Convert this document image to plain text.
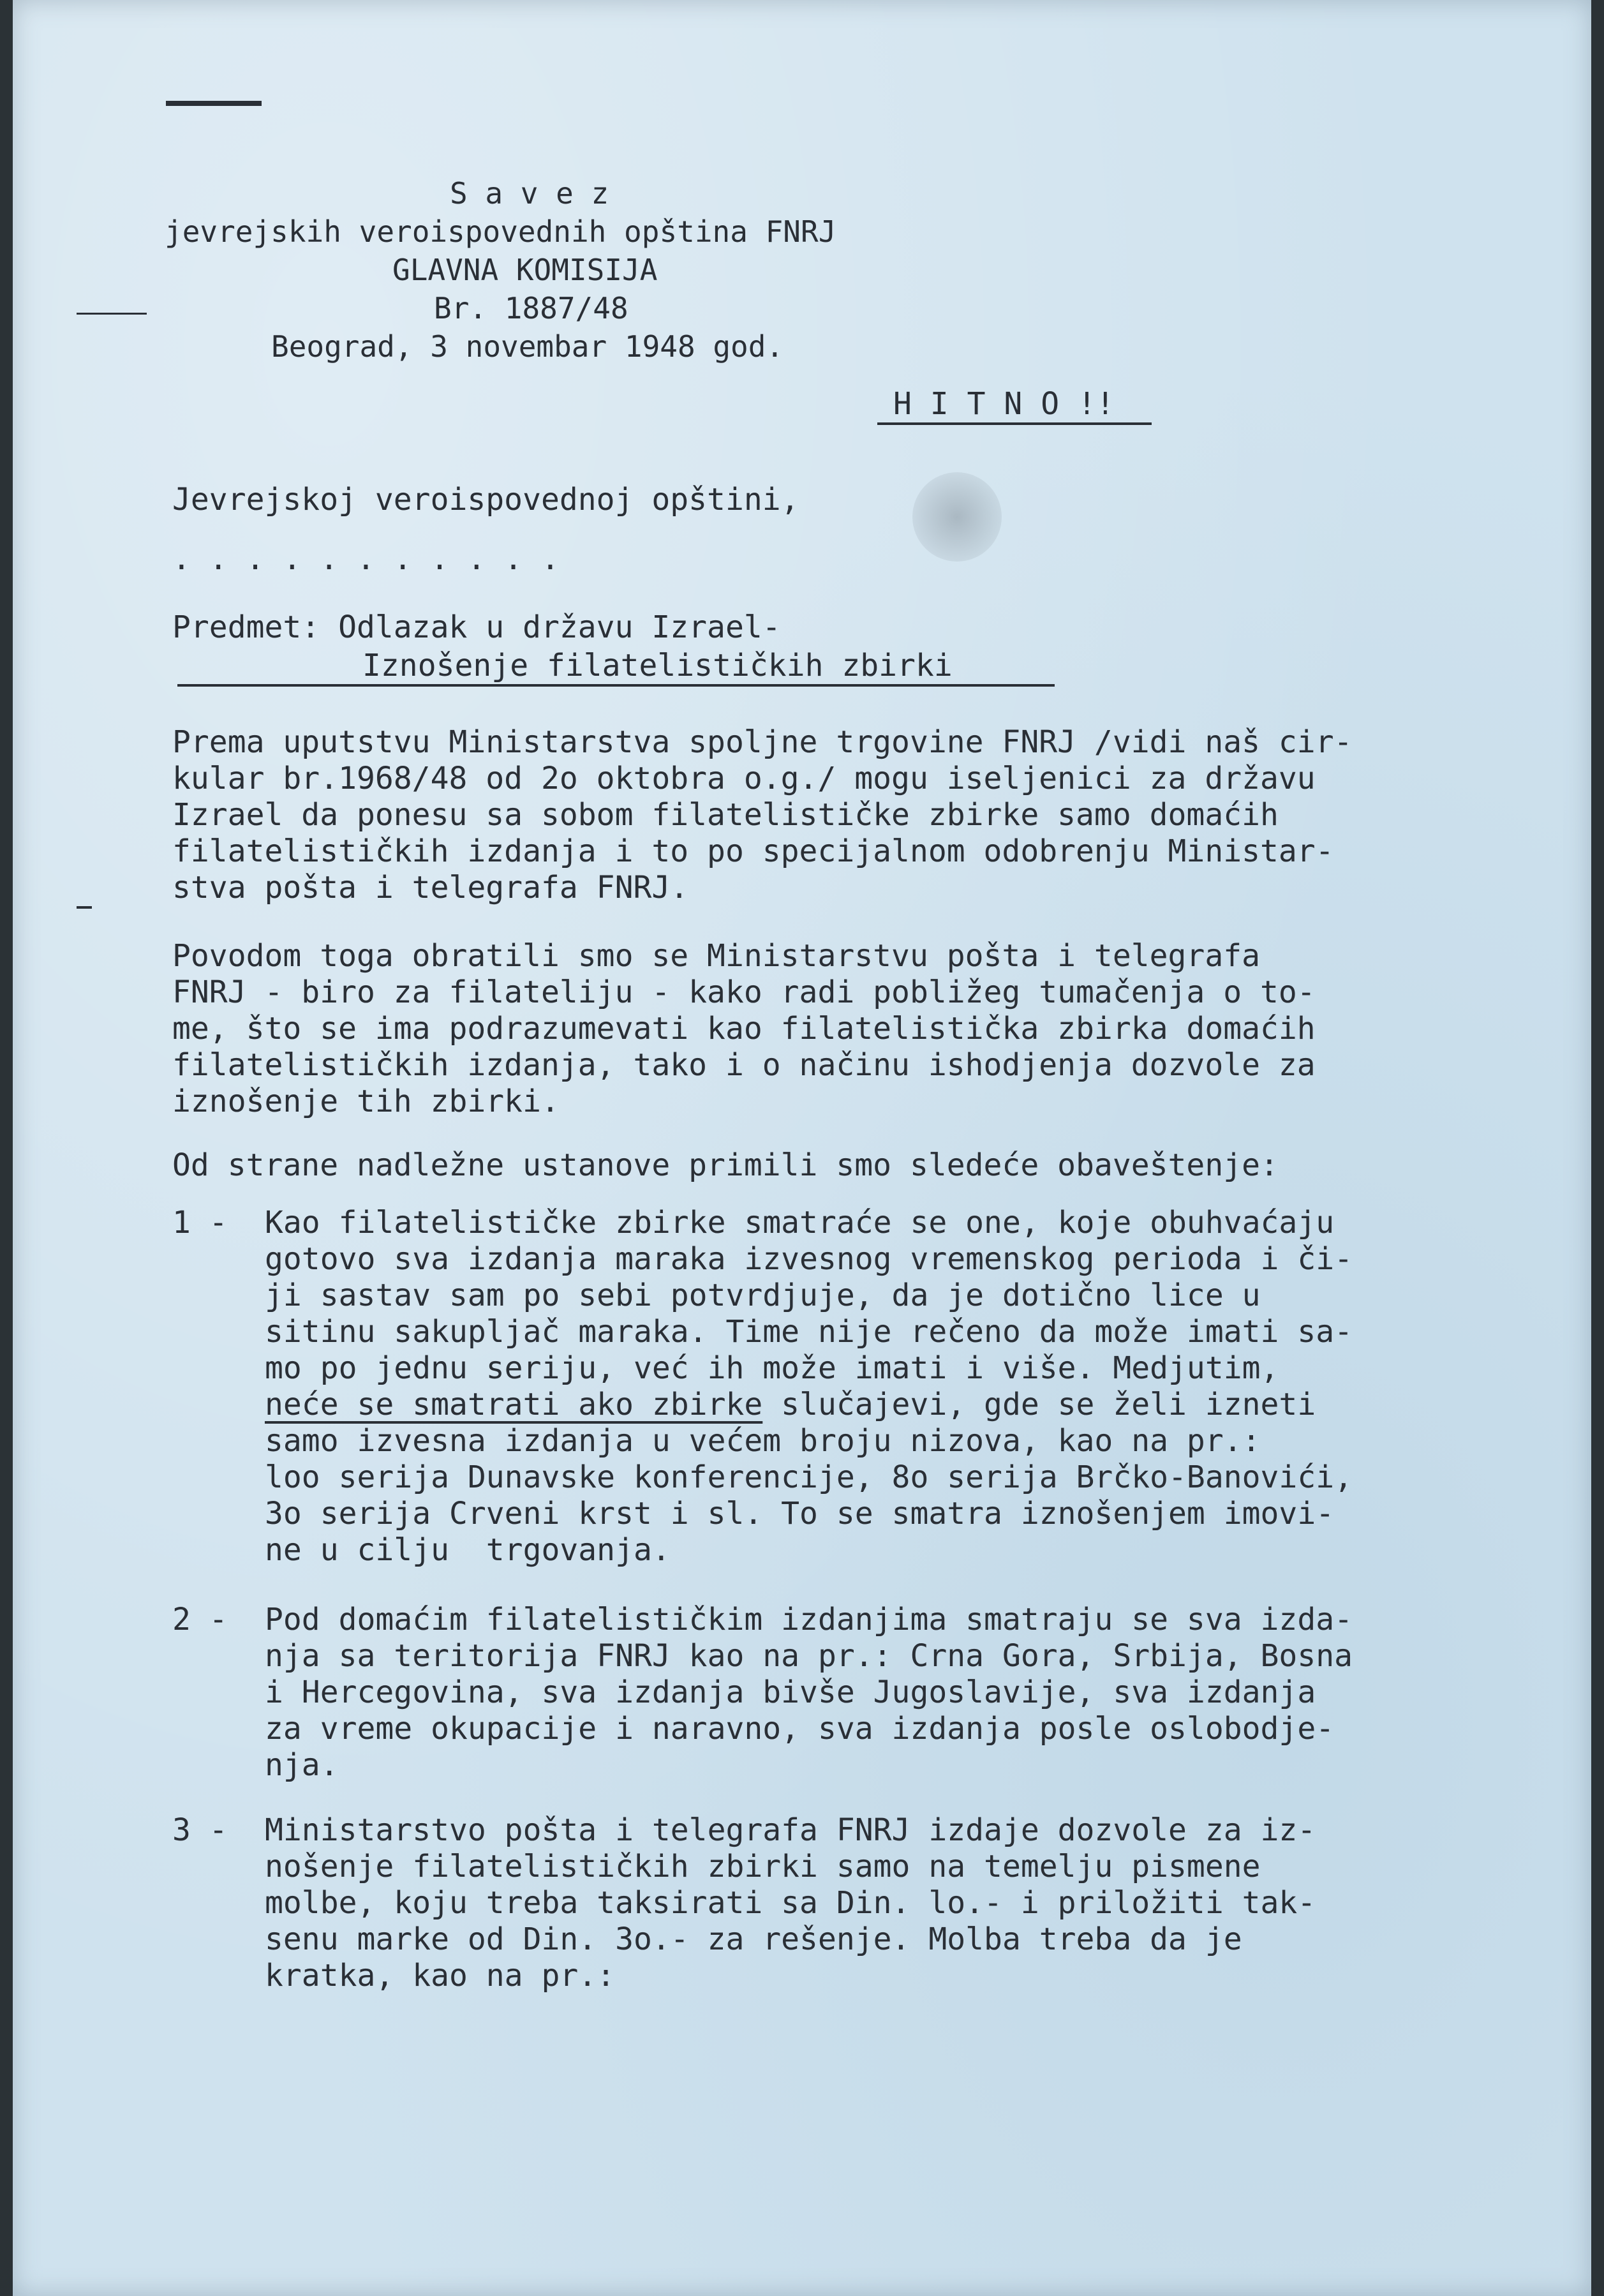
S a v e z
jevrejskih veroispovednih opština FNRJ
GLAVNA KOMISIJA
Br. 1887/48
Beograd, 3 novembar 1948 god.
H I T N O !!
Jevrejskoj veroispovednoj opštini,
. . . . . . . . . . .
Predmet: Odlazak u državu Izrael-
Iznošenje filatelističkih zbirki
Prema uputstvu Ministarstva spoljne trgovine FNRJ /vidi naš cir-
kular br.1968/48 od 2o oktobra o.g./ mogu iseljenici za državu
Izrael da ponesu sa sobom filatelističke zbirke samo domaćih
filatelističkih izdanja i to po specijalnom odobrenju Ministar-
stva pošta i telegrafa FNRJ.
Povodom toga obratili smo se Ministarstvu pošta i telegrafa
FNRJ - biro za filateliju - kako radi pobližeg tumačenja o to-
me, što se ima podrazumevati kao filatelistička zbirka domaćih
filatelističkih izdanja, tako i o načinu ishodjenja dozvole za
iznošenje tih zbirki.
Od strane nadležne ustanove primili smo sledeće obaveštenje:
1 - Kao filatelističke zbirke smatraće se one, koje obuhvaćaju
gotovo sva izdanja maraka izvesnog vremenskog perioda i či-
ji sastav sam po sebi potvrdjuje, da je dotično lice u
sitinu sakupljač maraka. Time nije rečeno da može imati sa-
mo po jednu seriju, već ih može imati i više. Medjutim,
neće se smatrati ako zbirke slučajevi, gde se želi izneti
samo izvesna izdanja u većem broju nizova, kao na pr.:
loo serija Dunavske konferencije, 8o serija Brčko-Banovići,
3o serija Crveni krst i sl. To se smatra iznošenjem imovi-
ne u cilju  trgovanja.
2 - Pod domaćim filatelističkim izdanjima smatraju se sva izda-
nja sa teritorija FNRJ kao na pr.: Crna Gora, Srbija, Bosna
i Hercegovina, sva izdanja bivše Jugoslavije, sva izdanja
za vreme okupacije i naravno, sva izdanja posle oslobodje-
nja.
3 - Ministarstvo pošta i telegrafa FNRJ izdaje dozvole za iz-
nošenje filatelističkih zbirki samo na temelju pismene
molbe, koju treba taksirati sa Din. lo.- i priložiti tak-
senu marke od Din. 3o.- za rešenje. Molba treba da je
kratka, kao na pr.:
